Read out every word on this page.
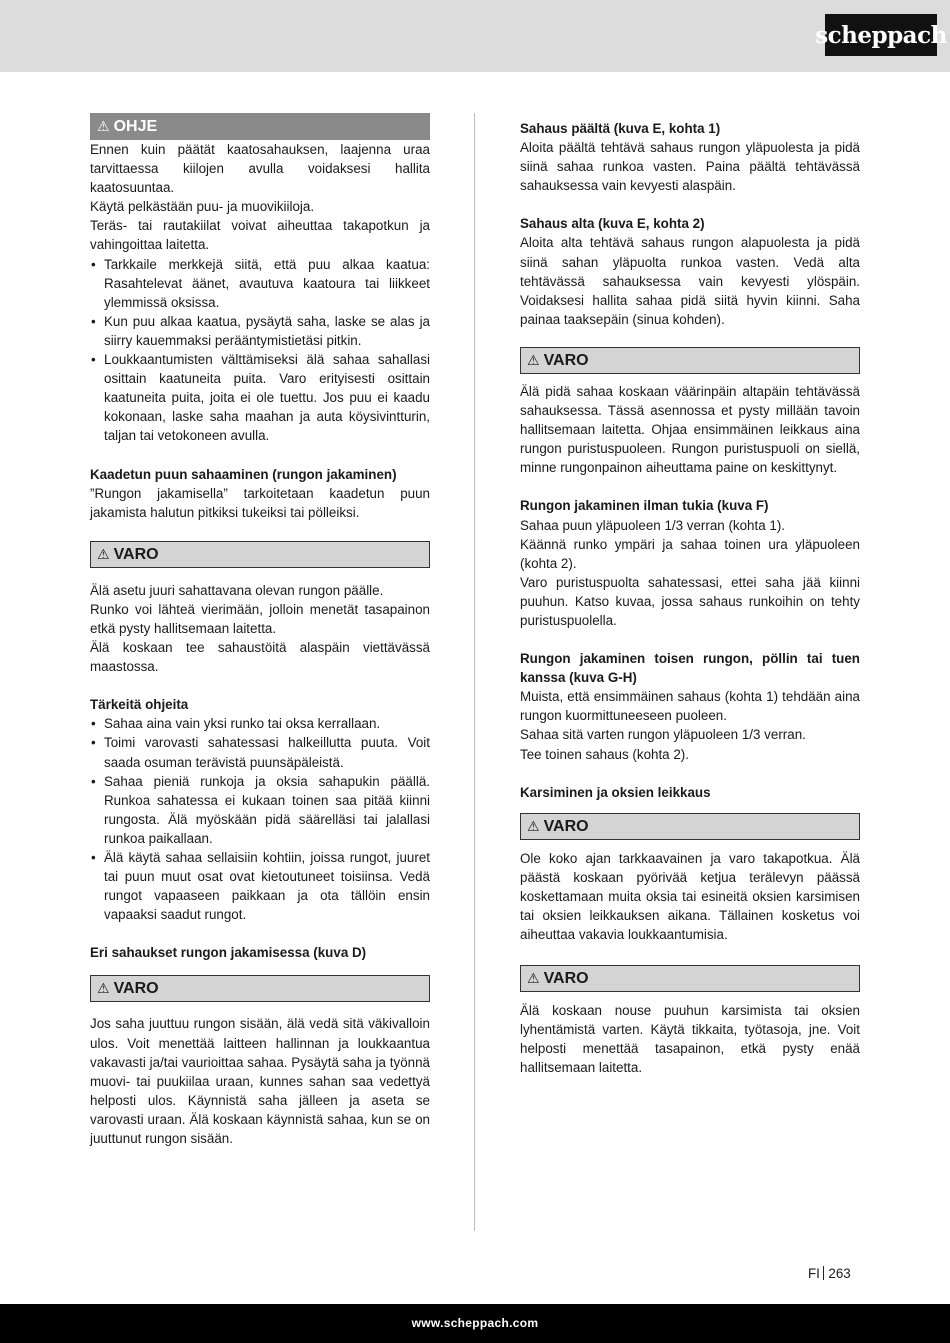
scheppach
⚠ OHJE

Ennen kuin päätät kaatosahauksen, laajenna uraa tarvittaessa kiilojen avulla voidaksesi hallita kaatosuuntaa.

Käytä pelkästään puu- ja muovikiiloja.

Teräs- tai rautakiilat voivat aiheuttaa takapotkun ja vahingoittaa laitetta.

• Tarkkaile merkkejä siitä, että puu alkaa kaatua: Rasahtelevat äänet, avautuva kaatoura tai liikkeet ylemmissä oksissa.
• Kun puu alkaa kaatua, pysäytä saha, laske se alas ja siirry kauemmaksi perääntymistietäsi pitkin.
• Loukkaantumisten välttämiseksi älä sahaa sahallasi osittain kaatuneita puita. Varo erityisesti osittain kaatuneita puita, joita ei ole tuettu. Jos puu ei kaadu kokonaan, laske saha maahan ja auta köysivintturin, taljan tai vetokoneen avulla.

Kaadetun puun sahaaminen (rungon jakaminen)

”Rungon jakamisella” tarkoitetaan kaadetun puun jakamista halutun pitkiksi tukeiksi tai pölleiksi.

⚠ VARO

Älä asetu juuri sahattavana olevan rungon päälle.

Runko voi lähteä vierimään, jolloin menetät tasapainon etkä pysty hallitsemaan laitetta.

Älä koskaan tee sahaustöitä alaspäin viettävässä maastossa.

Tärkeitä ohjeita

• Sahaa aina vain yksi runko tai oksa kerrallaan.
• Toimi varovasti sahatessasi halkeillutta puuta. Voit saada osuman terävistä puunsäpäleistä.
• Sahaa pieniä runkoja ja oksia sahapukin päällä. Runkoa sahatessa ei kukaan toinen saa pitää kiinni rungosta. Älä myöskään pidä säärelläsi tai jalallasi runkoa paikallaan.
• Älä käytä sahaa sellaisiin kohtiin, joissa rungot, juuret tai puun muut osat ovat kietoutuneet toisiinsa. Vedä rungot vapaaseen paikkaan ja ota tällöin ensin vapaaksi saadut rungot.

Eri sahaukset rungon jakamisessa (kuva D)

⚠ VARO

Jos saha juuttuu rungon sisään, älä vedä sitä väkivalloin ulos. Voit menettää laitteen hallinnan ja loukkaantua vakavasti ja/tai vaurioittaa sahaa. Pysäytä saha ja työnnä muovi- tai puukiilaa uraan, kunnes sahan saa vedettyä helposti ulos. Käynnistä saha jälleen ja aseta se varovasti uraan. Älä koskaan käynnistä sahaa, kun se on juuttunut rungon sisään.

Sahaus päältä (kuva E, kohta 1)

Aloita päältä tehtävä sahaus rungon yläpuolesta ja pidä siinä sahaa runkoa vasten. Paina päältä tehtävässä sahauksessa vain kevyesti alaspäin.

Sahaus alta (kuva E, kohta 2)

Aloita alta tehtävä sahaus rungon alapuolesta ja pidä siinä sahan yläpuolta runkoa vasten. Vedä alta tehtävässä sahauksessa vain kevyesti ylöspäin. Voidaksesi hallita sahaa pidä siitä hyvin kiinni. Saha painaa taaksepäin (sinua kohden).

⚠ VARO

Älä pidä sahaa koskaan väärinpäin altapäin tehtävässä sahauksessa. Tässä asennossa et pysty millään tavoin hallitsemaan laitetta. Ohjaa ensimmäinen leikkaus aina rungon puristuspuoleen. Rungon puristuspuoli on siellä, minne rungonpainon aiheuttama paine on keskittynyt.

Rungon jakaminen ilman tukia (kuva F)

Sahaa puun yläpuoleen 1/3 verran (kohta 1).

Käännä runko ympäri ja sahaa toinen ura yläpuoleen (kohta 2).

Varo puristuspuolta sahatessasi, ettei saha jää kiinni puuhun. Katso kuvaa, jossa sahaus runkoihin on tehty puristuspuolella.

Rungon jakaminen toisen rungon, pöllin tai tuen kanssa (kuva G-H)

Muista, että ensimmäinen sahaus (kohta 1) tehdään aina rungon kuormittuneeseen puoleen.

Sahaa sitä varten rungon yläpuoleen 1/3 verran.

Tee toinen sahaus (kohta 2).

Karsiminen ja oksien leikkaus

⚠ VARO

Ole koko ajan tarkkaavainen ja varo takapotkua. Älä päästä koskaan pyörivää ketjua terälevyn päässä koskettamaan muita oksia tai esineitä oksien karsimisen tai oksien leikkauksen aikana. Tällainen kosketus voi aiheuttaa vakavia loukkaantumisia.

⚠ VARO

Älä koskaan nouse puuhun karsimista tai oksien lyhentämistä varten. Käytä tikkaita, työtasoja, jne. Voit helposti menettää tasapainon, etkä pysty enää hallitsemaan laitetta.

FI 263
www.scheppach.com
